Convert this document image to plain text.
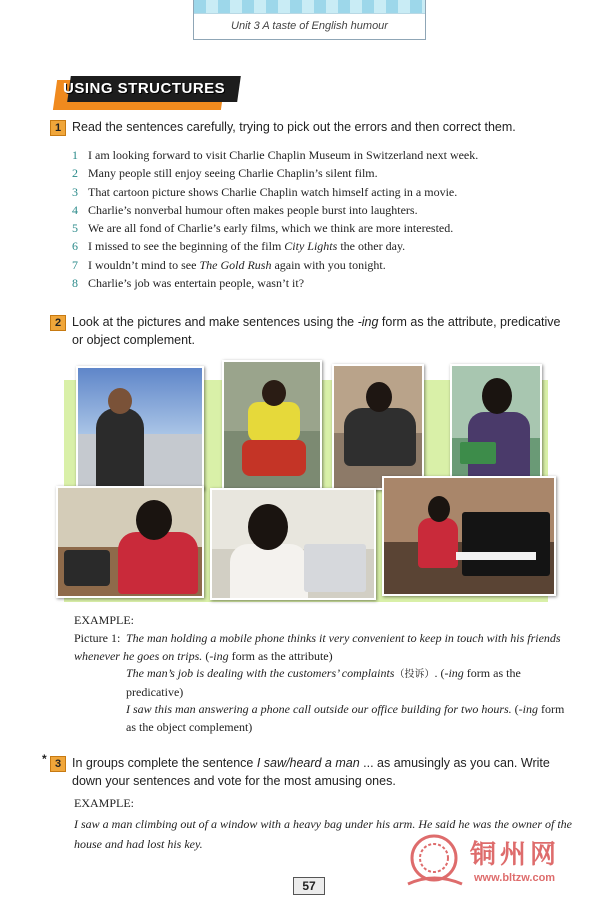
Unit 3 A taste of English humour
USING STRUCTURES
1 Read the sentences carefully, trying to pick out the errors and then correct them.

1 I am looking forward to visit Charlie Chaplin Museum in Switzerland next week.
2 Many people still enjoy seeing Charlie Chaplin’s silent film.
3 That cartoon picture shows Charlie Chaplin watch himself acting in a movie.
4 Charlie’s nonverbal humour often makes people burst into laughters.
5 We are all fond of Charlie’s early films, which we think are more interested.
6 I missed to see the beginning of the film City Lights the other day.
7 I wouldn’t mind to see The Gold Rush again with you tonight.
8 Charlie’s job was entertain people, wasn’t it?
2 Look at the pictures and make sentences using the -ing form as the attribute, predicative or object complement.

EXAMPLE:
Picture 1: The man holding a mobile phone thinks it very convenient to keep in touch with his friends whenever he goes on trips. (-ing form as the attribute)
The man’s job is dealing with the customers’ complaints（投诉）. (-ing form as the predicative)
I saw this man answering a phone call outside our office building for two hours. (-ing form as the object complement)
* 3 In groups complete the sentence I saw/heard a man ... as amusingly as you can. Write down your sentences and vote for the most amusing ones.

EXAMPLE:
I saw a man climbing out of a window with a heavy bag under his arm. He said he was the owner of the house and had lost his key.
57
铜州网
www.bltzw.com
